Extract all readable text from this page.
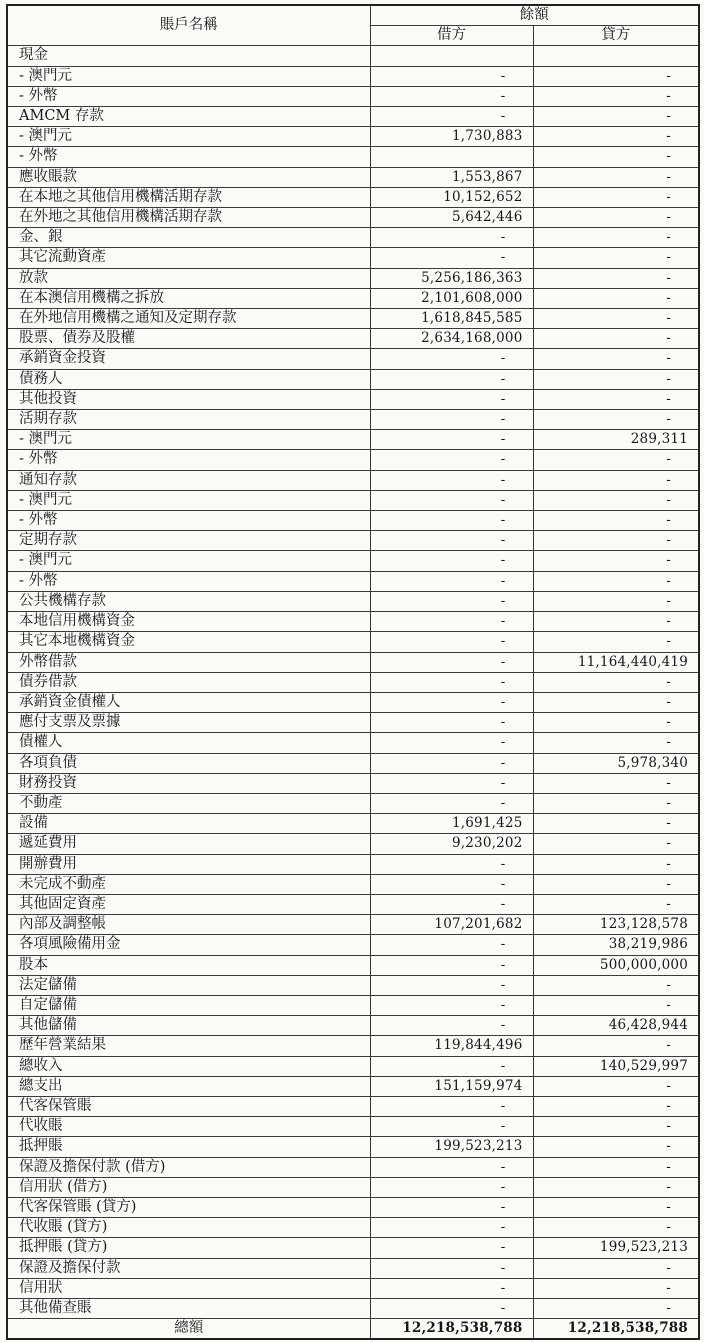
賬戶名稱	餘額	
	借方	貸方
現金		
- 澳門元	-	-
- 外幣	-	-
AMCM 存款	-	-
- 澳門元	1,730,883	-
- 外幣		-
應收賬款	1,553,867	-
在本地之其他信用機構活期存款	10,152,652	-
在外地之其他信用機構活期存款	5,642,446	-
金、銀	-	-
其它流動資產	-	-
放款	5,256,186,363	-
在本澳信用機構之拆放	2,101,608,000	-
在外地信用機構之通知及定期存款	1,618,845,585	-
股票、債券及股權	2,634,168,000	-
承銷資金投資	-	-
債務人	-	-
其他投資	-	-
活期存款	-	-
- 澳門元	-	289,311
- 外幣	-	-
通知存款	-	-
- 澳門元	-	-
- 外幣	-	-
定期存款	-	-
- 澳門元	-	-
- 外幣	-	-
公共機構存款	-	-
本地信用機構資金	-	-
其它本地機構資金	-	-
外幣借款	-	11,164,440,419
債券借款	-	-
承銷資金債權人	-	-
應付支票及票據	-	-
債權人	-	-
各項負債	-	5,978,340
財務投資	-	-
不動產	-	-
設備	1,691,425	-
遞延費用	9,230,202	-
開辦費用	-	-
未完成不動產	-	-
其他固定資產	-	-
內部及調整帳	107,201,682	123,128,578
各項風險備用金	-	38,219,986
股本	-	500,000,000
法定儲備	-	-
自定儲備	-	-
其他儲備	-	46,428,944
歷年營業結果	119,844,496	-
總收入	-	140,529,997
總支出	151,159,974	-
代客保管賬	-	-
代收賬	-	-
抵押賬	199,523,213	-
保證及擔保付款 (借方)	-	-
信用狀 (借方)	-	-
代客保管賬 (貸方)	-	-
代收賬 (貸方)	-	-
抵押賬 (貸方)	-	199,523,213
保證及擔保付款	-	-
信用狀	-	-
其他備查賬	-	-
總額	12,218,538,788	12,218,538,788
